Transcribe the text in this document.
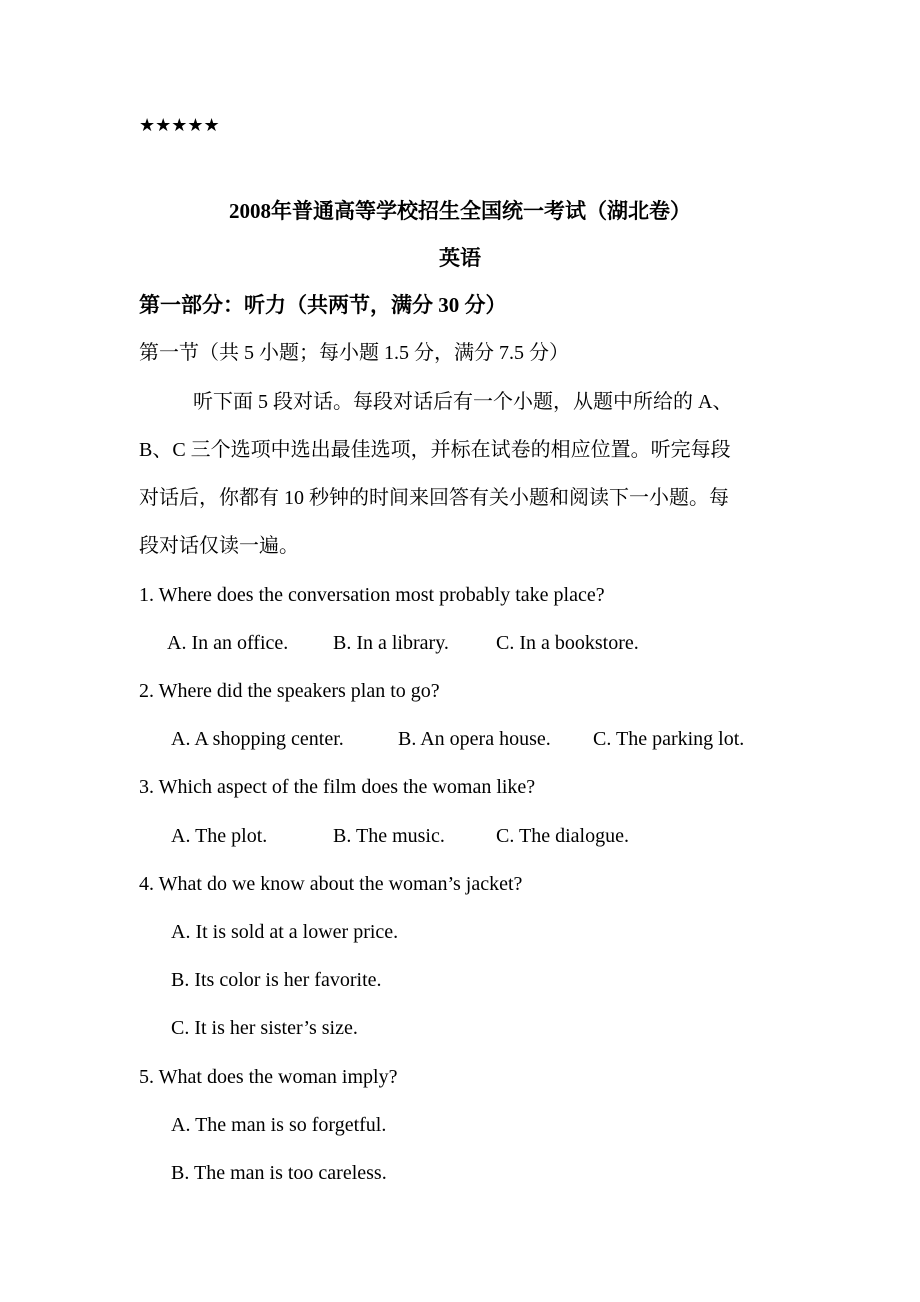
★★★★★
2008年普通高等学校招生全国统一考试（湖北卷）
英语
第一部分：听力（共两节，满分 30 分）
第一节（共 5 小题；每小题 1.5 分，满分 7.5 分）
听下面 5 段对话。每段对话后有一个小题，从题中所给的 A、
B、C 三个选项中选出最佳选项，并标在试卷的相应位置。听完每段
对话后，你都有 10 秒钟的时间来回答有关小题和阅读下一小题。每
段对话仅读一遍。
1. Where does the conversation most probably take place?
A. In an office. B. In a library. C. In a bookstore.
2. Where did the speakers plan to go?
A. A shopping center.	B. An opera house. C. The parking lot.
3. Which aspect of the film does the woman like?
A. The plot.	B. The music.	C. The dialogue.
4. What do we know about the woman’s jacket?
A. It is sold at a lower price.
B. Its color is her favorite.
C. It is her sister’s size.
5. What does the woman imply?
A. The man is so forgetful.
B. The man is too careless.
